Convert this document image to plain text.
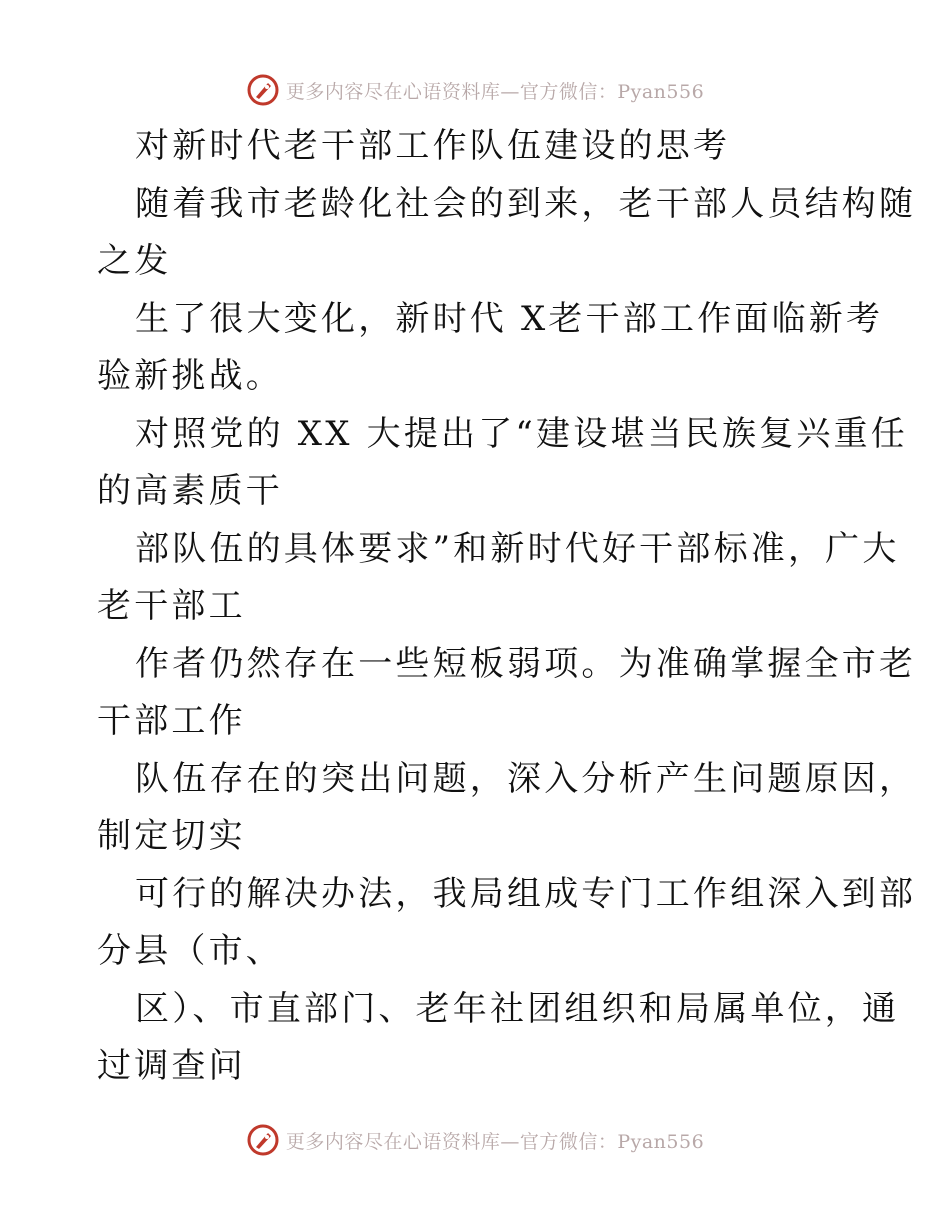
更多内容尽在心语资料库—官方微信：Pyan556
对新时代老干部工作队伍建设的思考
随着我市老龄化社会的到来，老干部人员结构随
之发
生了很大变化，新时代 X老干部工作面临新考
验新挑战。
对照党的 XX 大提出了“建设堪当民族复兴重任
的高素质干
部队伍的具体要求”和新时代好干部标准，广大
老干部工
作者仍然存在一些短板弱项。为准确掌握全市老
干部工作
队伍存在的突出问题，深入分析产生问题原因，
制定切实
可行的解决办法，我局组成专门工作组深入到部
分县（市、
区）、市直部门、老年社团组织和局属单位，通
过调查问
更多内容尽在心语资料库—官方微信：Pyan556
